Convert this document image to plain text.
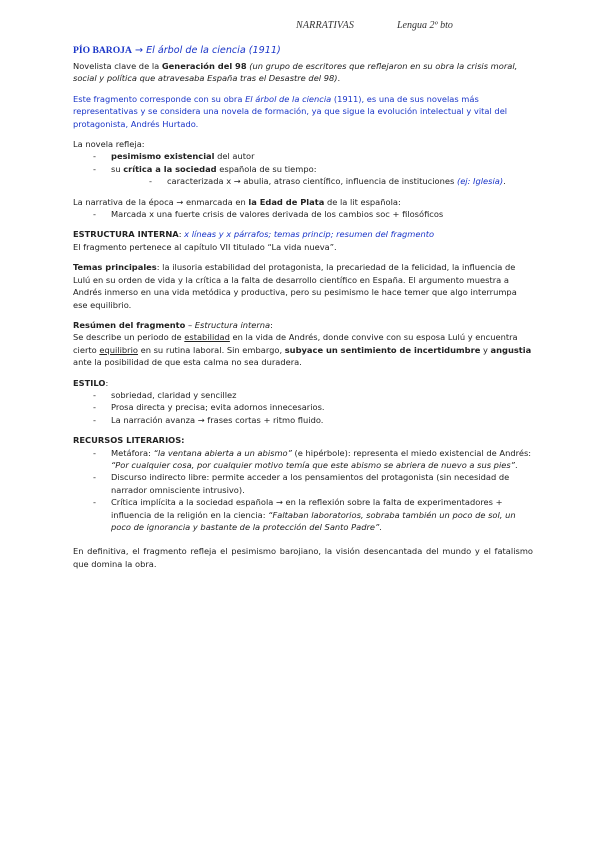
NARRATIVAS	Lengua 2º bto
PÍO BAROJA → El árbol de la ciencia (1911)

Novelista clave de la Generación del 98 (un grupo de escritores que reflejaron en su obra la crisis moral, social y política que atravesaba España tras el Desastre del 98).

Este fragmento corresponde con su obra El árbol de la ciencia (1911), es una de sus novelas más representativas y se considera una novela de formación, ya que sigue la evolución intelectual y vital del protagonista, Andrés Hurtado.

La novela refleja:

- pesimismo existencial del autor
- su crítica a la sociedad española de su tiempo:
- caracterizada x → abulia, atraso científico, influencia de instituciones (ej: Iglesia).

La narrativa de la época → enmarcada en la Edad de Plata de la lit española:

- Marcada x una fuerte crisis de valores derivada de los cambios soc + filosóficos

ESTRUCTURA INTERNA: x líneas y x párrafos; temas princip; resumen del fragmento

El fragmento pertenece al capítulo VII titulado “La vida nueva”.

Temas principales: la ilusoria estabilidad del protagonista, la precariedad de la felicidad, la influencia de Lulú en su orden de vida y la crítica a la falta de desarrollo científico en España. El argumento muestra a Andrés inmerso en una vida metódica y productiva, pero su pesimismo le hace temer que algo interrumpa ese equilibrio.

Resúmen del fragmento – Estructura interna:

Se describe un periodo de estabilidad en la vida de Andrés, donde convive con su esposa Lulú y encuentra cierto equilibrio en su rutina laboral. Sin embargo, subyace un sentimiento de incertidumbre y angustia ante la posibilidad de que esta calma no sea duradera.

ESTILO:

- sobriedad, claridad y sencillez
- Prosa directa y precisa; evita adornos innecesarios.
- La narración avanza → frases cortas + ritmo fluido.

RECURSOS LITERARIOS:

- Metáfora: “la ventana abierta a un abismo” (e hipérbole): representa el miedo existencial de Andrés: “Por cualquier cosa, por cualquier motivo temía que este abismo se abriera de nuevo a sus pies”.
- Discurso indirecto libre: permite acceder a los pensamientos del protagonista (sin necesidad de narrador omnisciente intrusivo).
- Crítica implícita a la sociedad española → en la reflexión sobre la falta de experimentadores + influencia de la religión en la ciencia: “Faltaban laboratorios, sobraba también un poco de sol, un poco de ignorancia y bastante de la protección del Santo Padre”.

En definitiva, el fragmento refleja el pesimismo barojiano, la visión desencantada del mundo y el fatalismo que domina la obra.
